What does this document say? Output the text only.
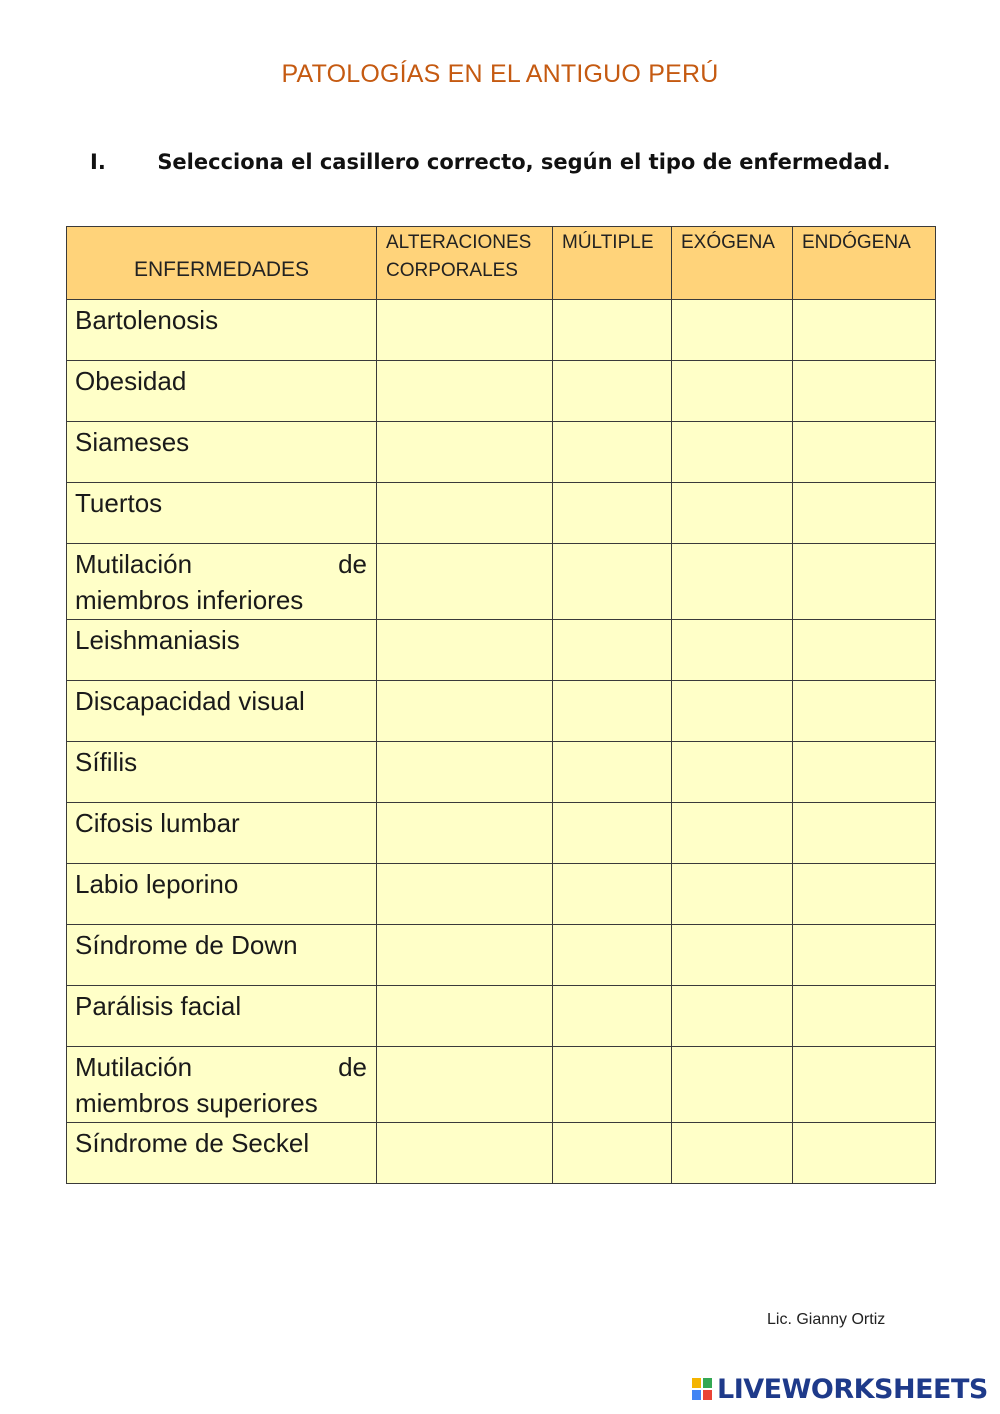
PATOLOGÍAS EN EL ANTIGUO PERÚ
I. Selecciona el casillero correcto, según el tipo de enfermedad.
ENFERMEDADES	ALTERACIONES CORPORALES	MÚLTIPLE	EXÓGENA	ENDÓGENA
Bartolenosis				
Obesidad				
Siameses				
Tuertos				

Mutilación de
miembros inferiores				

Leishmaniasis				
Discapacidad visual				
Sífilis				
Cifosis lumbar				
Labio leporino				
Síndrome de Down				
Parálisis facial				

Mutilación de
miembros superiores				

Síndrome de Seckel				
Lic. Gianny Ortiz
LIVEWORKSHEETS
